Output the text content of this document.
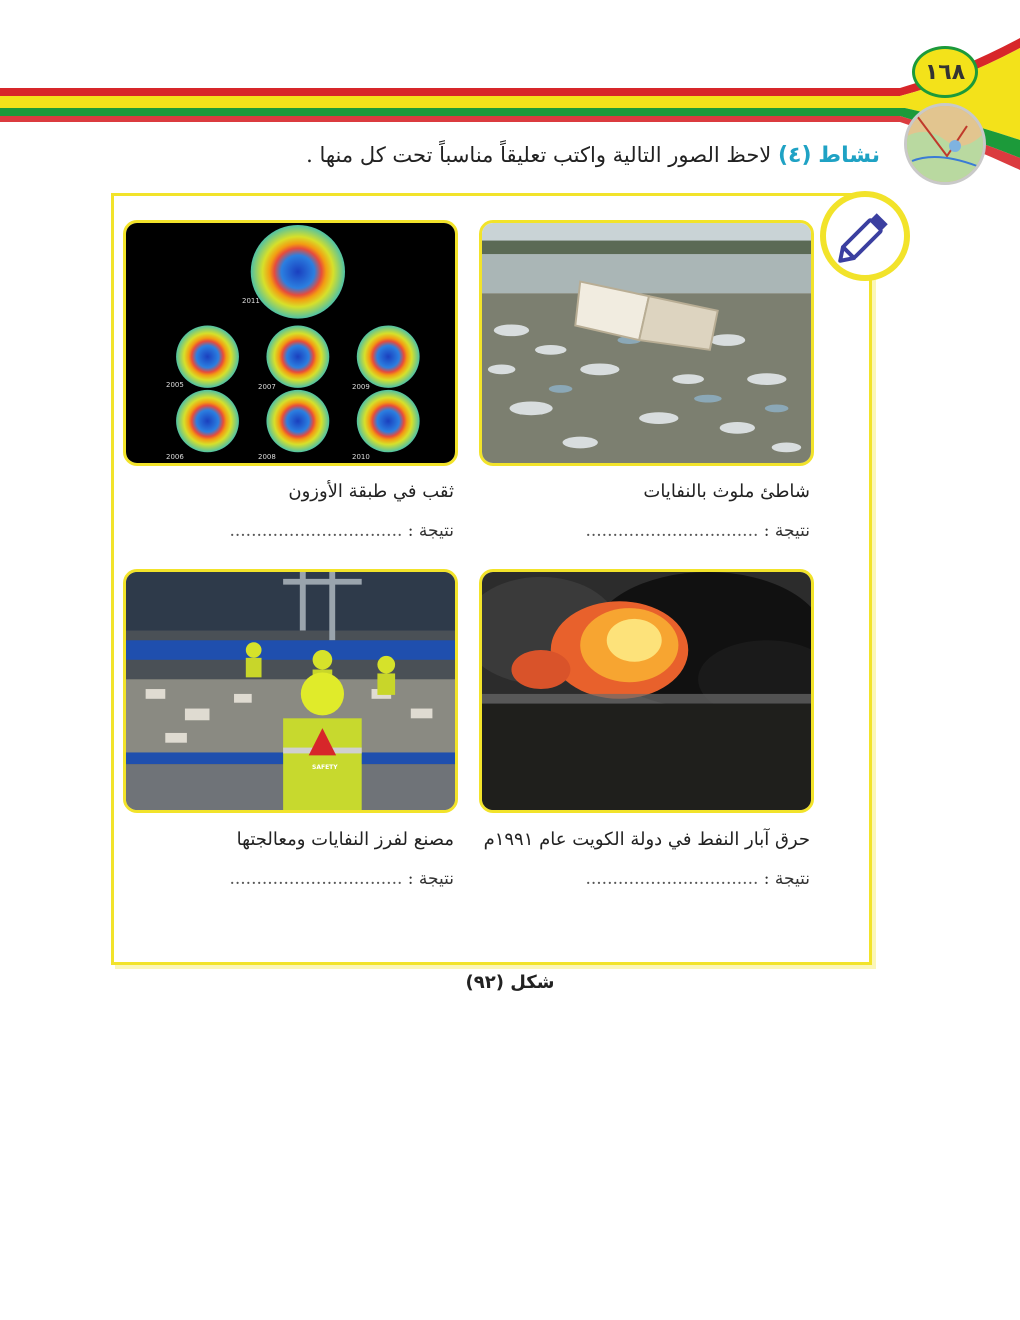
١٦٨
نشاط (٤) لاحظ الصور التالية واكتب تعليقاً مناسباً تحت كل منها .
2011
2005	2007	2009
2006	2008	2010
شاطئ ملوث بالنفايات
نتيجة : ................................
ثقب في طبقة الأوزون
نتيجة : ................................
SAFETY
حرق آبار النفط في دولة الكويت عام ١٩٩١م
نتيجة : ................................
مصنع لفرز النفايات ومعالجتها
نتيجة : ................................
شكل (٩٢)
